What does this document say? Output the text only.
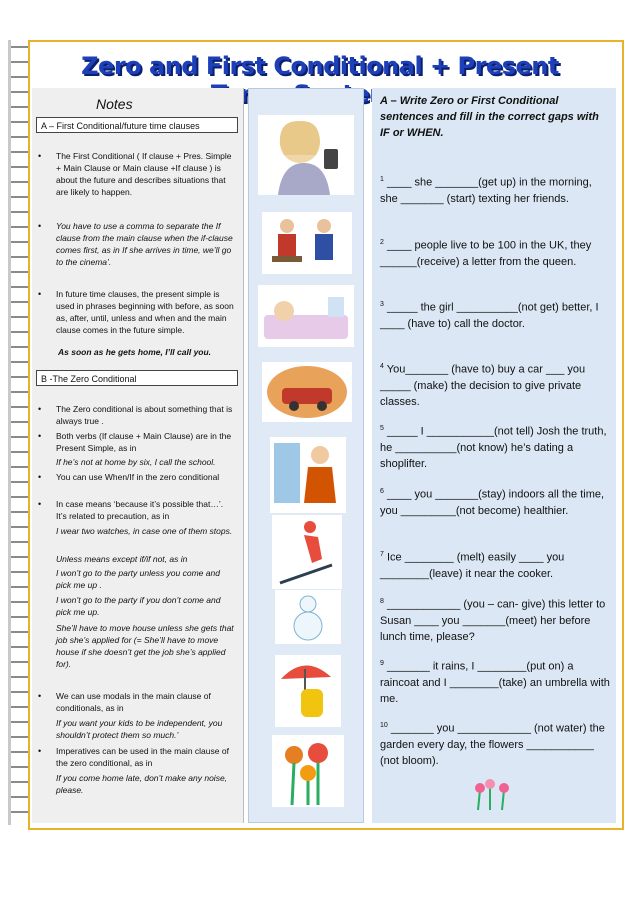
Zero and First Conditional + Present
Notes
A – First Conditional/future time clauses
• The First Conditional ( If clause + Pres. Simple + Main Clause or Main clause +If clause ) is about the future and describes situations that are likely to happen.
• You have to use a comma to separate the If clause from the main clause when the if-clause comes first, as in If she arrives in time, we’ll go to the cinema’.
• In future time clauses, the present simple is used in phrases beginning with before, as soon as, after, until, unless and when and the main clause comes in the future simple.
As soon as he gets home, I’ll call you.
B -The Zero Conditional
• The Zero conditional is about something that is always true .
• Both verbs (If clause + Main Clause) are in the Present Simple, as in
If he’s not at home by six, I call the school.
• You can use When/If in the zero conditional
• In case means ‘because it’s possible that…’. It’s related to precaution, as in
I wear two watches, in case one of them stops.
Unless means except if/if not, as in
I won’t go to the party unless you come and pick me up .
I won’t go to the party if you don’t come and pick me up.
She’ll have to move house unless she gets that job she’s applied for (= She’ll have to move house if she doesn’t get the job she’s applied for).
• We can use modals in the main clause of conditionals, as in
If you want your kids to be independent, you shouldn’t protect them so much.’
• Imperatives can be used in the main clause of the zero conditional, as in
If you come home late, don’t make any noise, please.
A – Write Zero or First Conditional sentences and fill in the correct gaps with IF or WHEN.
$^1$ ____ she _______(get up) in the morning, she _______ (start) texting her friends.
$^2$ ____ people live to be 100 in the UK, they ______(receive) a letter from the queen.
$^3$ _____ the girl __________(not get) better, I ____ (have to) call the doctor.
$^4$ You_______ (have to) buy a car ___ you _____ (make) the decision to give private classes.
$^5$ _____ I ___________(not tell) Josh the truth, he __________(not know) he’s dating a shoplifter.
$^6$ ____ you _______(stay) indoors all the time, you _________(not become) healthier.
$^7$ Ice ________ (melt) easily ____ you ________(leave) it near the cooker.
$^8$ ____________ (you – can- give) this letter to Susan ____ you _______(meet) her before lunch time, please?
$^9$ _______ it rains, I ________(put on) a raincoat and I ________(take) an umbrella with me.
$^{10}$ _______ you ____________ (not water) the garden every day, the flowers ___________ (not bloom).
